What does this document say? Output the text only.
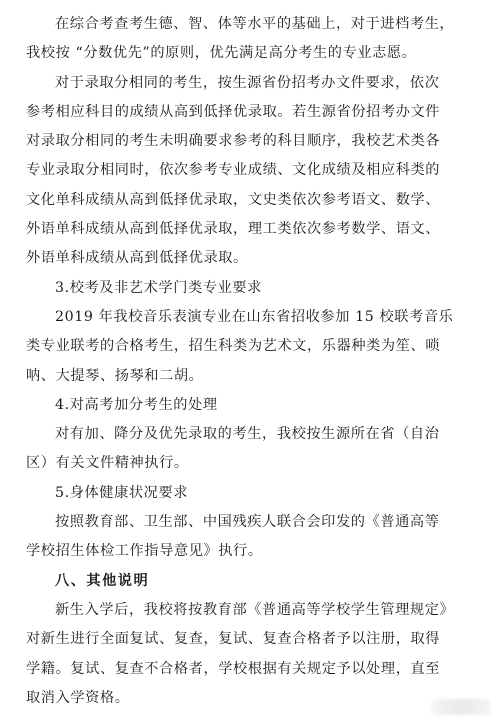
在综合考查考生德、智、体等水平的基础上，对于进档考生，
我校按 “分数优先”的原则，优先满足高分考生的专业志愿。
对于录取分相同的考生，按生源省份招考办文件要求，依次
参考相应科目的成绩从高到低择优录取。若生源省份招考办文件
对录取分相同的考生未明确要求参考的科目顺序，我校艺术类各
专业录取分相同时，依次参考专业成绩、文化成绩及相应科类的
文化单科成绩从高到低择优录取，文史类依次参考语文、数学、
外语单科成绩从高到低择优录取，理工类依次参考数学、语文、
外语单科成绩从高到低择优录取。
3.校考及非艺术学门类专业要求
2019 年我校音乐表演专业在山东省招收参加 15 校联考音乐
类专业联考的合格考生，招生科类为艺术文，乐器种类为笙、唢
呐、大提琴、扬琴和二胡。
4.对高考加分考生的处理
对有加、降分及优先录取的考生，我校按生源所在省（自治
区）有关文件精神执行。
5.身体健康状况要求
按照教育部、卫生部、中国残疾人联合会印发的《普通高等
学校招生体检工作指导意见》执行。
八、其他说明
新生入学后，我校将按教育部《普通高等学校学生管理规定》
对新生进行全面复试、复查，复试、复查合格者予以注册，取得
学籍。复试、复查不合格者，学校根据有关规定予以处理，直至
取消入学资格。
